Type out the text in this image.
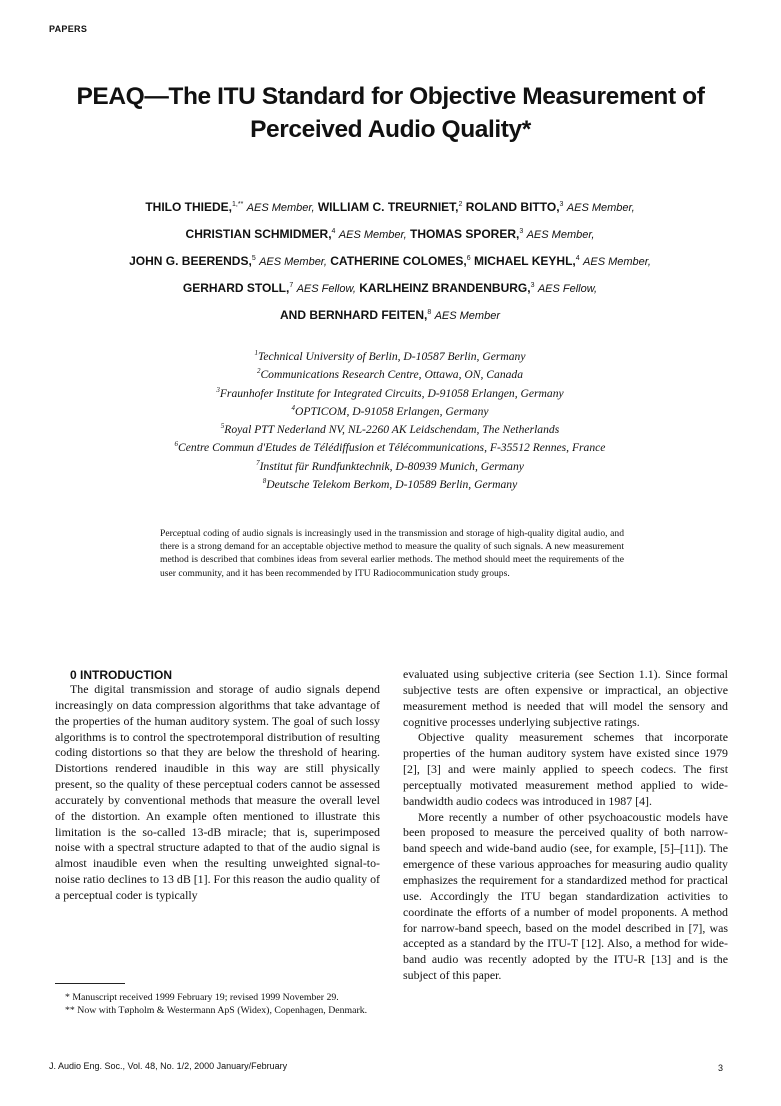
PAPERS
PEAQ—The ITU Standard for Objective Measurement of
Perceived Audio Quality*
THILO THIEDE,$^{1,**}$ AES Member, WILLIAM C. TREURNIET,$^2$ ROLAND BITTO,$^3$ AES Member,
CHRISTIAN SCHMIDMER,$^4$ AES Member, THOMAS SPORER,$^3$ AES Member,
JOHN G. BEERENDS,$^5$ AES Member, CATHERINE COLOMES,$^6$ MICHAEL KEYHL,$^4$ AES Member,
GERHARD STOLL,$^7$ AES Fellow, KARLHEINZ BRANDENBURG,$^3$ AES Fellow,
AND BERNHARD FEITEN,$^8$ AES Member
$^1$Technical University of Berlin, D-10587 Berlin, Germany
$^2$Communications Research Centre, Ottawa, ON, Canada
$^3$Fraunhofer Institute for Integrated Circuits, D-91058 Erlangen, Germany
$^4$OPTICOM, D-91058 Erlangen, Germany
$^5$Royal PTT Nederland NV, NL-2260 AK Leidschendam, The Netherlands
$^6$Centre Commun d'Etudes de Télédiffusion et Télécommunications, F-35512 Rennes, France
$^7$Institut für Rundfunktechnik, D-80939 Munich, Germany
$^8$Deutsche Telekom Berkom, D-10589 Berlin, Germany
Perceptual coding of audio signals is increasingly used in the transmission and storage of high-quality digital audio, and there is a strong demand for an acceptable objective method to measure the quality of such signals. A new measurement method is described that combines ideas from several earlier methods. The method should meet the requirements of the user community, and it has been recommended by ITU Radiocommunication study groups.

0 INTRODUCTION

The digital transmission and storage of audio signals depend increasingly on data compression algorithms that take advantage of the properties of the human auditory system. The goal of such lossy algorithms is to control the spectrotemporal distribution of resulting coding distortions so that they are below the threshold of hearing. Distortions rendered inaudible in this way are still physically present, so the quality of these perceptual coders cannot be assessed accurately by conventional methods that measure the overall level of the distortion. An example often mentioned to illustrate this limitation is the so-called 13-dB miracle; that is, superimposed noise with a spectral structure adapted to that of the audio signal is almost inaudible even when the resulting unweighted signal-to-noise ratio declines to 13 dB [1]. For this reason the audio quality of a perceptual coder is typically

evaluated using subjective criteria (see Section 1.1). Since formal subjective tests are often expensive or impractical, an objective measurement method is needed that will model the sensory and cognitive processes underlying subjective ratings.

Objective quality measurement schemes that incorporate properties of the human auditory system have existed since 1979 [2], [3] and were mainly applied to speech codecs. The first perceptually motivated measurement method applied to wide-bandwidth audio codecs was introduced in 1987 [4].

More recently a number of other psychoacoustic models have been proposed to measure the perceived quality of both narrow-band speech and wide-band audio (see, for example, [5]–[11]). The emergence of these various approaches for measuring audio quality emphasizes the requirement for a standardized method for practical use. Accordingly the ITU began standardization activities to coordinate the efforts of a number of model proponents. A method for narrow-band speech, based on the model described in [7], was accepted as a standard by the ITU-T [12]. Also, a method for wide-band audio was recently adopted by the ITU-R [13] and is the subject of this paper.

* Manuscript received 1999 February 19; revised 1999 November 29.

** Now with Tøpholm & Westermann ApS (Widex), Copenhagen, Denmark.

J. Audio Eng. Soc., Vol. 48, No. 1/2, 2000 January/February	3
